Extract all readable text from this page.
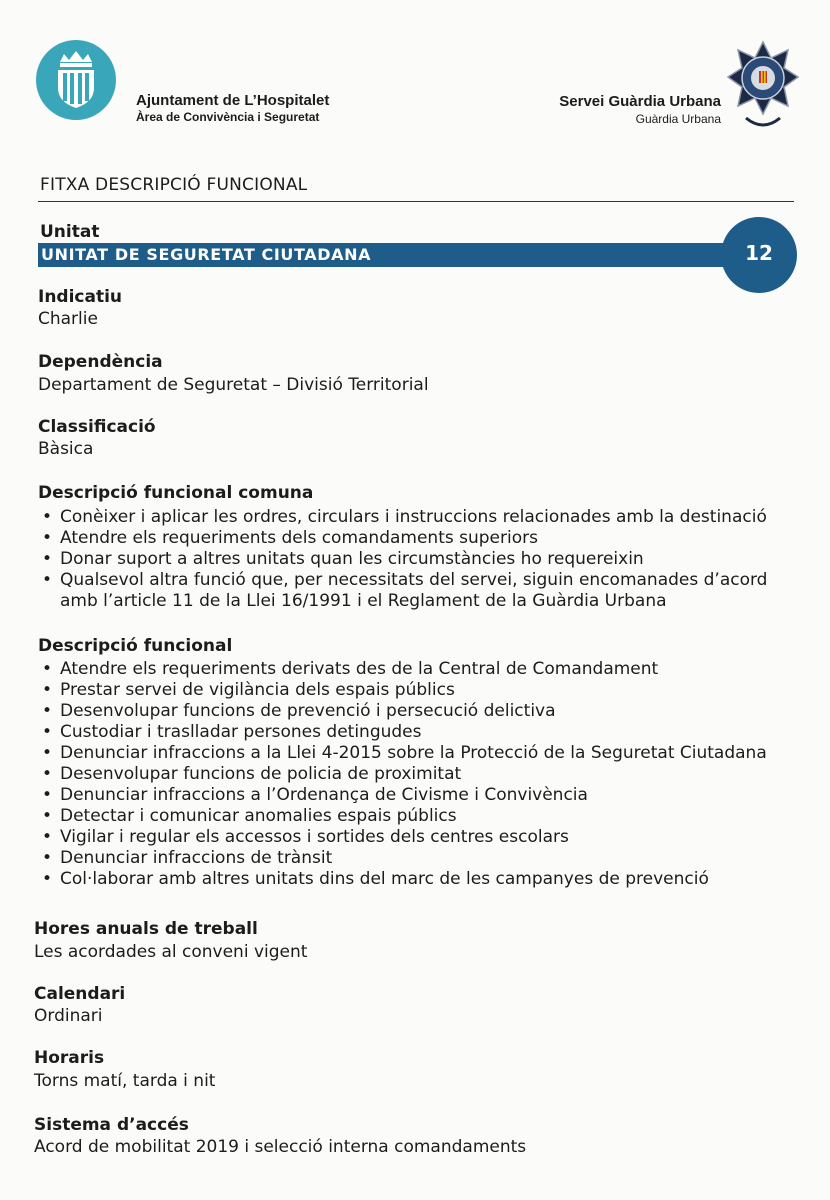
Ajuntament de L’Hospitalet
Àrea de Convivència i Seguretat
Servei Guàrdia Urbana
Guàrdia Urbana
FITXA DESCRIPCIÓ FUNCIONAL
Unitat
UNITAT DE SEGURETAT CIUTADANA	12
Indicatiu
Charlie
Dependència
Departament de Seguretat – Divisió Territorial
Classificació
Bàsica
Descripció funcional comuna
• Conèixer i aplicar les ordres, circulars i instruccions relacionades amb la destinació
• Atendre els requeriments dels comandaments superiors
• Donar suport a altres unitats quan les circumstàncies ho requereixin
• Qualsevol altra funció que, per necessitats del servei, siguin encomanades d’acord
amb l’article 11 de la Llei 16/1991 i el Reglament de la Guàrdia Urbana
Descripció funcional
• Atendre els requeriments derivats des de la Central de Comandament
• Prestar servei de vigilància dels espais públics
• Desenvolupar funcions de prevenció i persecució delictiva
• Custodiar i traslladar persones detingudes
• Denunciar infraccions a la Llei 4-2015 sobre la Protecció de la Seguretat Ciutadana
• Desenvolupar funcions de policia de proximitat
• Denunciar infraccions a l’Ordenança de Civisme i Convivència
• Detectar i comunicar anomalies espais públics
• Vigilar i regular els accessos i sortides dels centres escolars
• Denunciar infraccions de trànsit
• Col·laborar amb altres unitats dins del marc de les campanyes de prevenció
Hores anuals de treball
Les acordades al conveni vigent
Calendari
Ordinari
Horaris
Torns matí, tarda i nit
Sistema d’accés
Acord de mobilitat 2019 i selecció interna comandaments
